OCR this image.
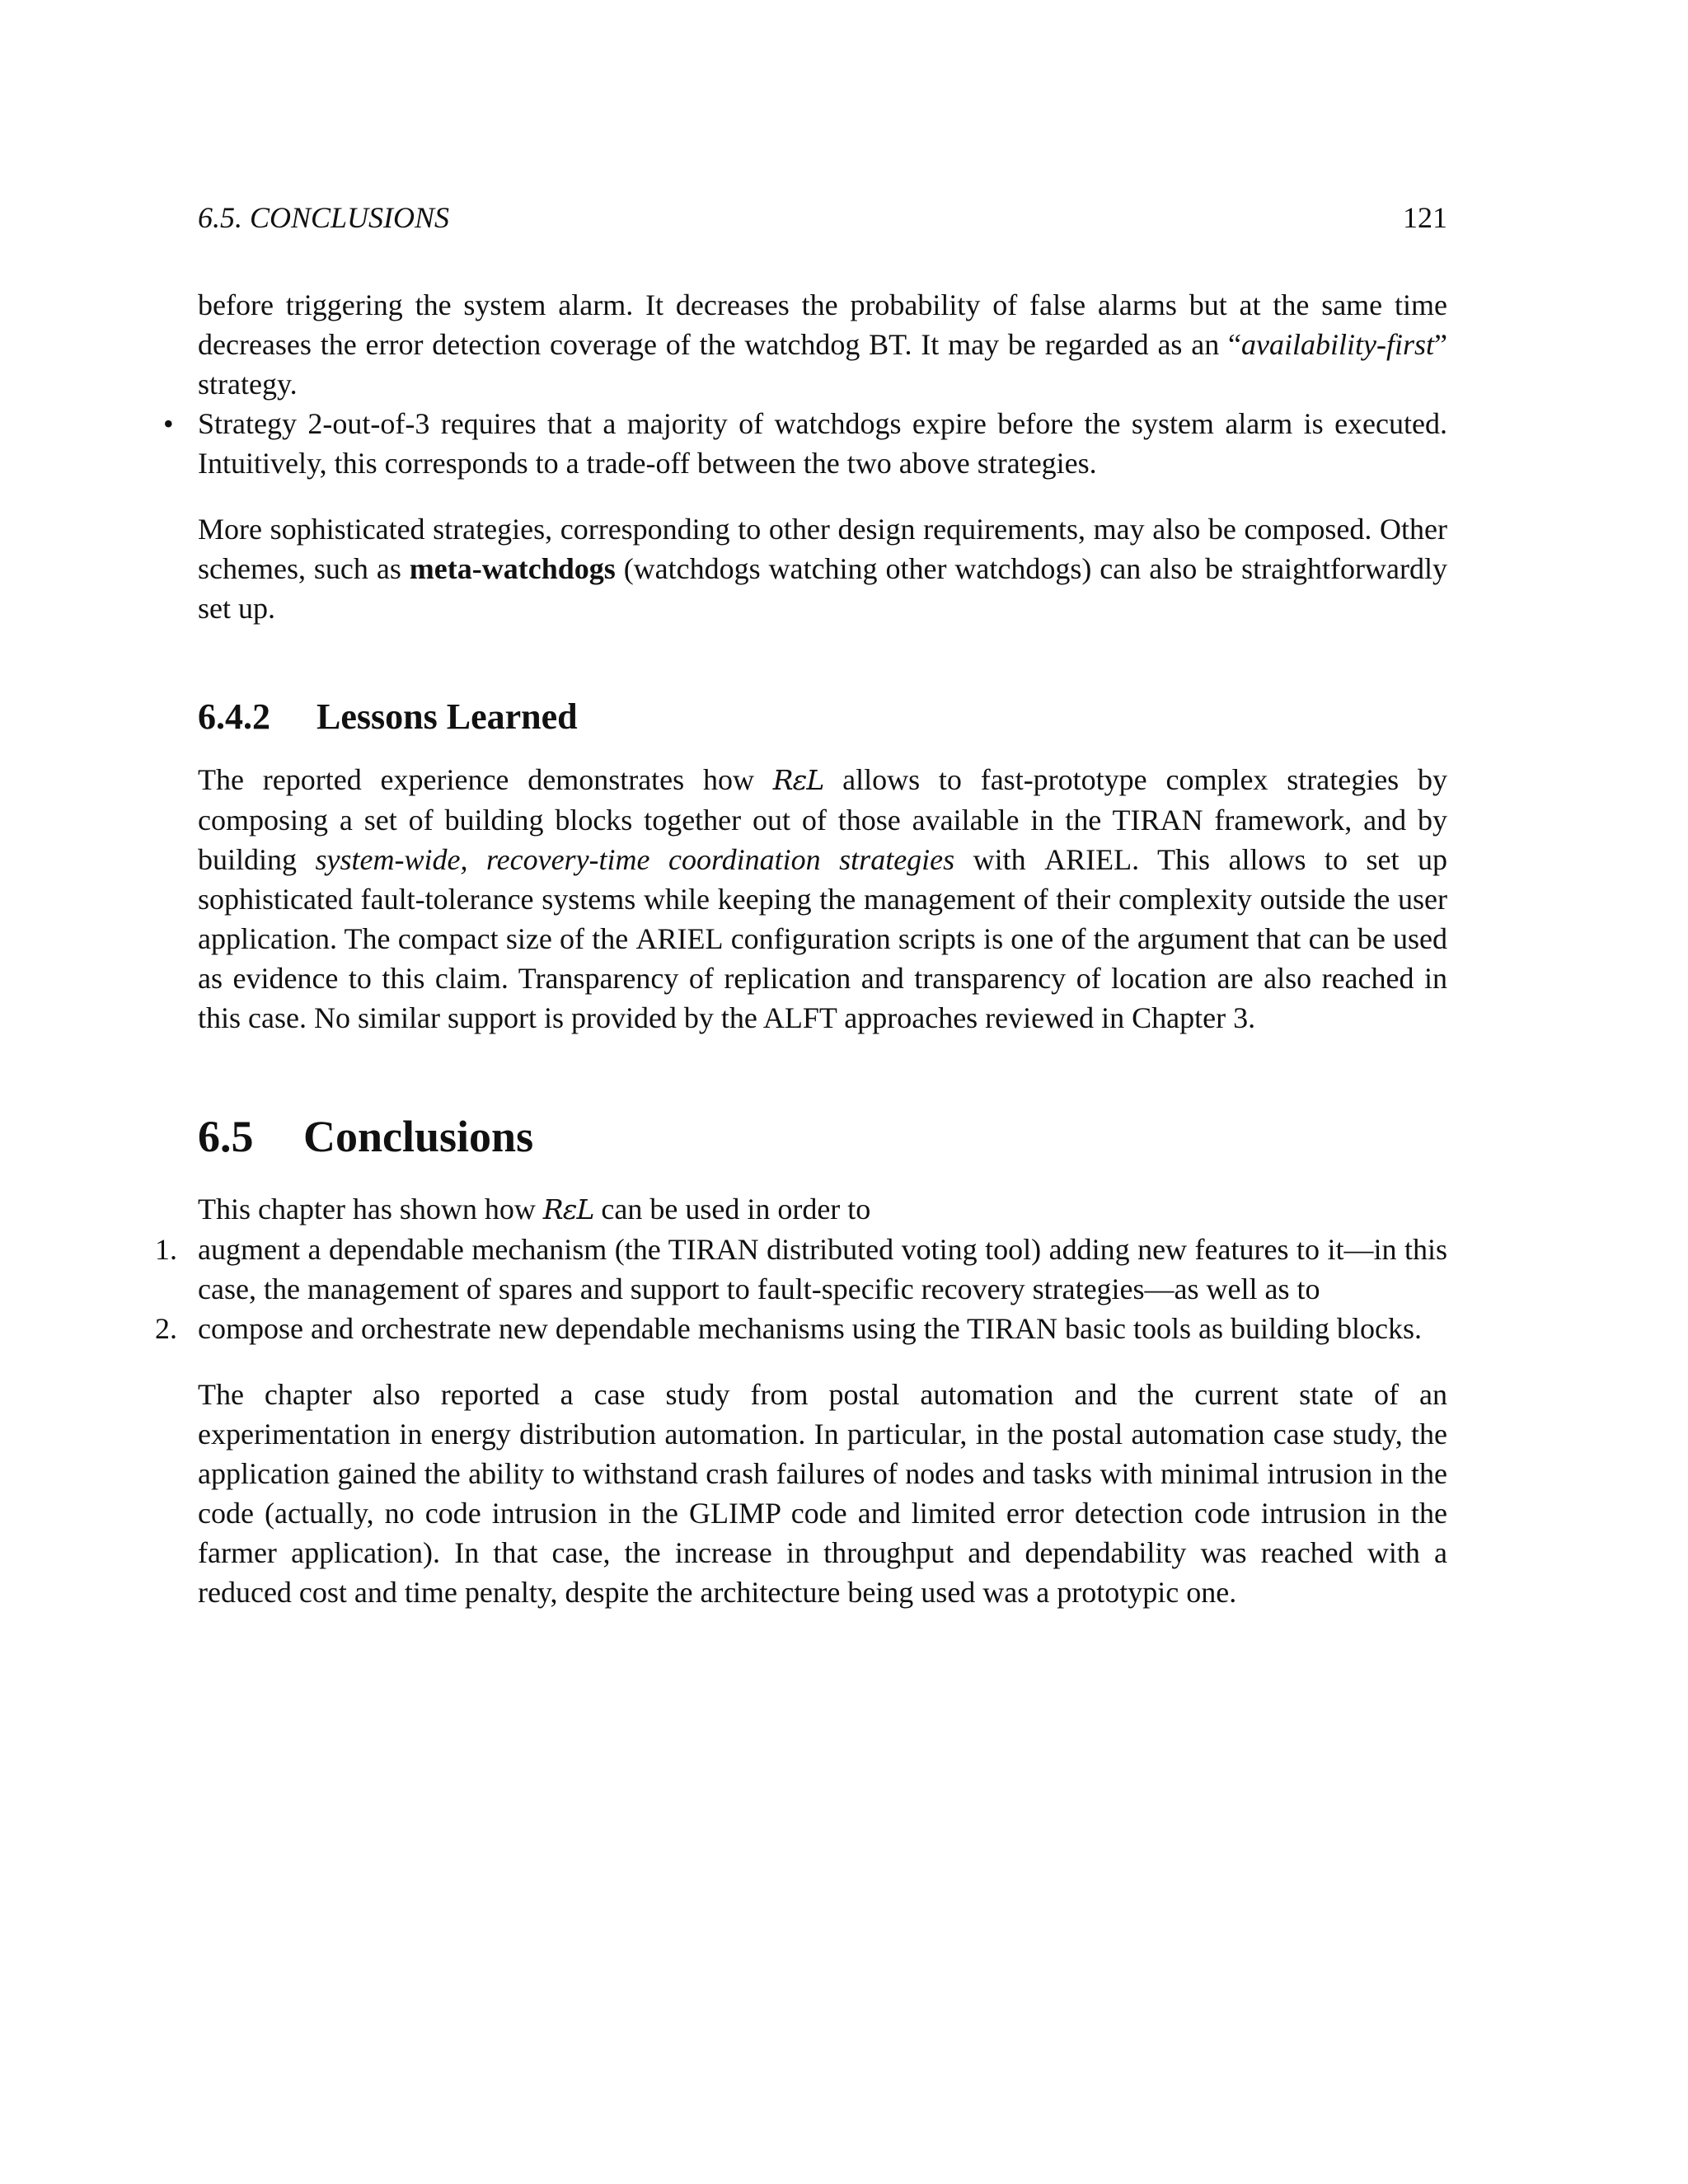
6.5. CONCLUSIONS	121

before triggering the system alarm. It decreases the probability of false alarms but at the same time decreases the error detection coverage of the watchdog BT. It may be regarded as an “availability-first” strategy.

• Strategy 2-out-of-3 requires that a majority of watchdogs expire before the system alarm is executed. Intuitively, this corresponds to a trade-off between the two above strategies.

More sophisticated strategies, corresponding to other design requirements, may also be composed. Other schemes, such as meta-watchdogs (watchdogs watching other watchdogs) can also be straightforwardly set up.

6.4.2 Lessons Learned

The reported experience demonstrates how RεL allows to fast-prototype complex strategies by composing a set of building blocks together out of those available in the TIRAN framework, and by building system-wide, recovery-time coordination strategies with ARIEL. This allows to set up sophisticated fault-tolerance systems while keeping the management of their complexity outside the user application. The compact size of the ARIEL configuration scripts is one of the argument that can be used as evidence to this claim. Transparency of replication and transparency of location are also reached in this case. No similar support is provided by the ALFT approaches reviewed in Chapter 3.

6.5 Conclusions

This chapter has shown how RεL can be used in order to

1. augment a dependable mechanism (the TIRAN distributed voting tool) adding new features to it—in this case, the management of spares and support to fault-specific recovery strategies—as well as to

2. compose and orchestrate new dependable mechanisms using the TIRAN basic tools as building blocks.

The chapter also reported a case study from postal automation and the current state of an experimentation in energy distribution automation. In particular, in the postal automation case study, the application gained the ability to withstand crash failures of nodes and tasks with minimal intrusion in the code (actually, no code intrusion in the GLIMP code and limited error detection code intrusion in the farmer application). In that case, the increase in throughput and dependability was reached with a reduced cost and time penalty, despite the architecture being used was a prototypic one.
